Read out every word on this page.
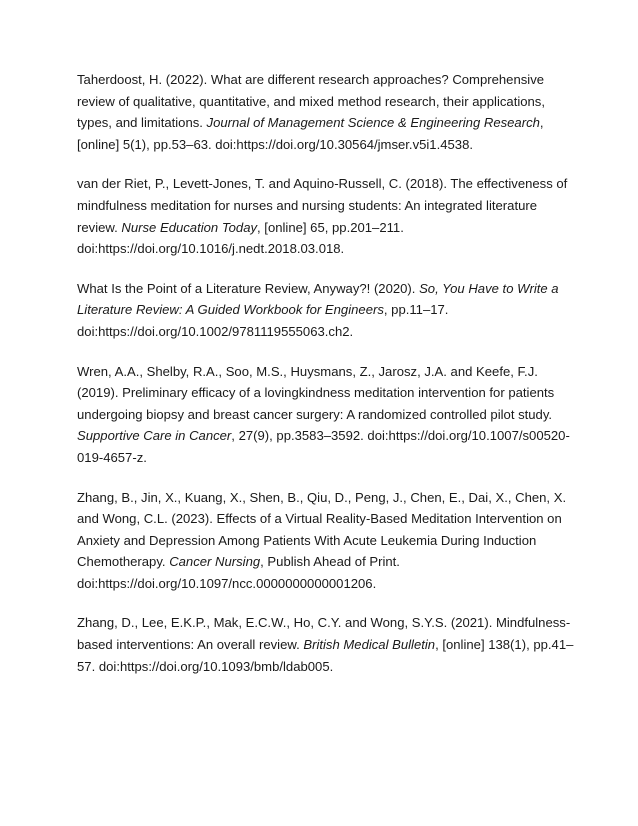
Taherdoost, H. (2022). What are different research approaches? Comprehensive review of qualitative, quantitative, and mixed method research, their applications, types, and limitations. Journal of Management Science & Engineering Research, [online] 5(1), pp.53–63. doi:https://doi.org/10.30564/jmser.v5i1.4538.

van der Riet, P., Levett-Jones, T. and Aquino-Russell, C. (2018). The effectiveness of mindfulness meditation for nurses and nursing students: An integrated literature review. Nurse Education Today, [online] 65, pp.201–211. doi:https://doi.org/10.1016/j.nedt.2018.03.018.

What Is the Point of a Literature Review, Anyway?! (2020). So, You Have to Write a Literature Review: A Guided Workbook for Engineers, pp.11–17. doi:https://doi.org/10.1002/9781119555063.ch2.

Wren, A.A., Shelby, R.A., Soo, M.S., Huysmans, Z., Jarosz, J.A. and Keefe, F.J. (2019). Preliminary efficacy of a lovingkindness meditation intervention for patients undergoing biopsy and breast cancer surgery: A randomized controlled pilot study. Supportive Care in Cancer, 27(9), pp.3583–3592. doi:https://doi.org/10.1007/s00520-019-4657-z.

Zhang, B., Jin, X., Kuang, X., Shen, B., Qiu, D., Peng, J., Chen, E., Dai, X., Chen, X. and Wong, C.L. (2023). Effects of a Virtual Reality-Based Meditation Intervention on Anxiety and Depression Among Patients With Acute Leukemia During Induction Chemotherapy. Cancer Nursing, Publish Ahead of Print. doi:https://doi.org/10.1097/ncc.0000000000001206.

Zhang, D., Lee, E.K.P., Mak, E.C.W., Ho, C.Y. and Wong, S.Y.S. (2021). Mindfulness-based interventions: An overall review. British Medical Bulletin, [online] 138(1), pp.41–57. doi:https://doi.org/10.1093/bmb/ldab005.
